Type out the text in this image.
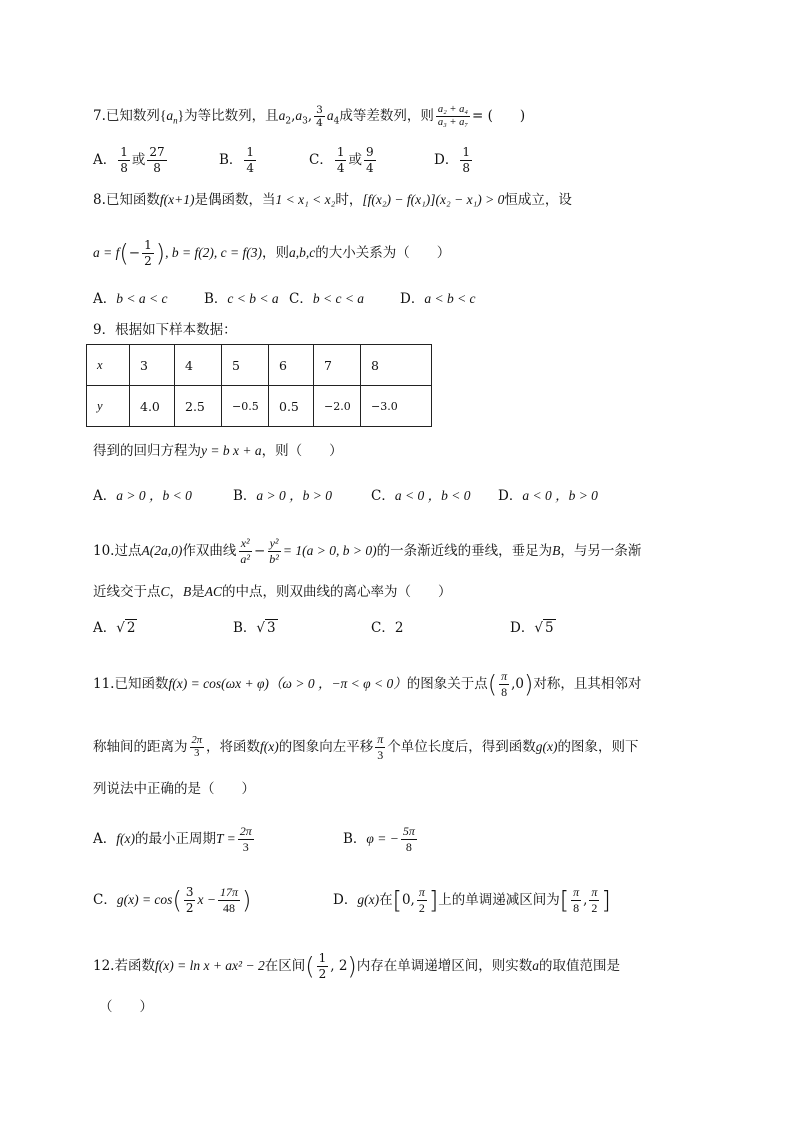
7.已知数列$\{a_n\}$为等比数列，且$a_2,a_3$, $\frac{3}{4} a_4$成等差数列，则 $\frac{\text{a₂ + a₄}}{\text{a₃ + a₇}}$ = (　　)
A． $\frac{1}{8}$ 或 $\frac{27}{8}$	B． $\frac{1}{4}$	C． $\frac{1}{4}$ 或 $\frac{9}{4}$	D． $\frac{1}{8}$
8.已知函数f(x+1)是偶函数，当1 < x₁ < x₂时，[f(x₂) − f(x₁)](x₂ − x₁) > 0恒成立，设
$a = f(- \frac{1}{2}$ ), b = f(2), c = f(3)，则a,b,c的大小关系为（　　）
A．b < a < c	B．c < b < a C．b < c < a	D．a < b < c
9．根据如下样本数据：
x	3	4	5	6	7	8
y	4.0	2.5	−0.5	0.5	−2.0	−3.0
得到的回归方程为y = b x + a，则（　　）
A．a > 0 ，b < 0	B．a > 0 ，b > 0	C．a < 0 ，b < 0 D．a < 0 ，b > 0
10.过点A(2a,0)作双曲线 $\frac{\text{x²}}{\text{a²}} - \frac{\text{y²}}{\text{b²}} = 1(a > 0$, b > 0)的一条渐近线的垂线，垂足为B，与另一条渐
近线交于点C，B是AC的中点，则双曲线的离心率为（　　）
A．√ 2	B．√ 3	C．2	D．√ 5
11.已知函数f(x) = cos(ωx + φ)（ω > 0 ，−π < φ < 0）的图象关于点( $\frac{\pi}{8} ,0$)对称，且其相邻对
称轴间的距离为 $\frac{2\pi}{3}$ ，将函数f(x)的图象向左平移 $\frac{\pi}{3}$ 个单位长度后，得到函数g(x)的图象，则下
列说法中正确的是（　　）
A．f(x)的最小正周期$T = \frac{2\pi}{3}$	B．φ = − $\frac{5\pi}{8}$
C．$g(x) = \cos( \frac{3}{2}$ $x - \frac{17\pi}{48}$ )	D．g(x)在[0, $\frac{\pi}{2}$ ]上的单调递减区间为[ $\frac{\pi}{8}$ , $\frac{\pi}{2}$ ]
12.若函数f(x) = ln x + ax² − 2在区间( $\frac{1}{2}$ , 2)内存在单调递增区间，则实数a的取值范围是
（　　）
